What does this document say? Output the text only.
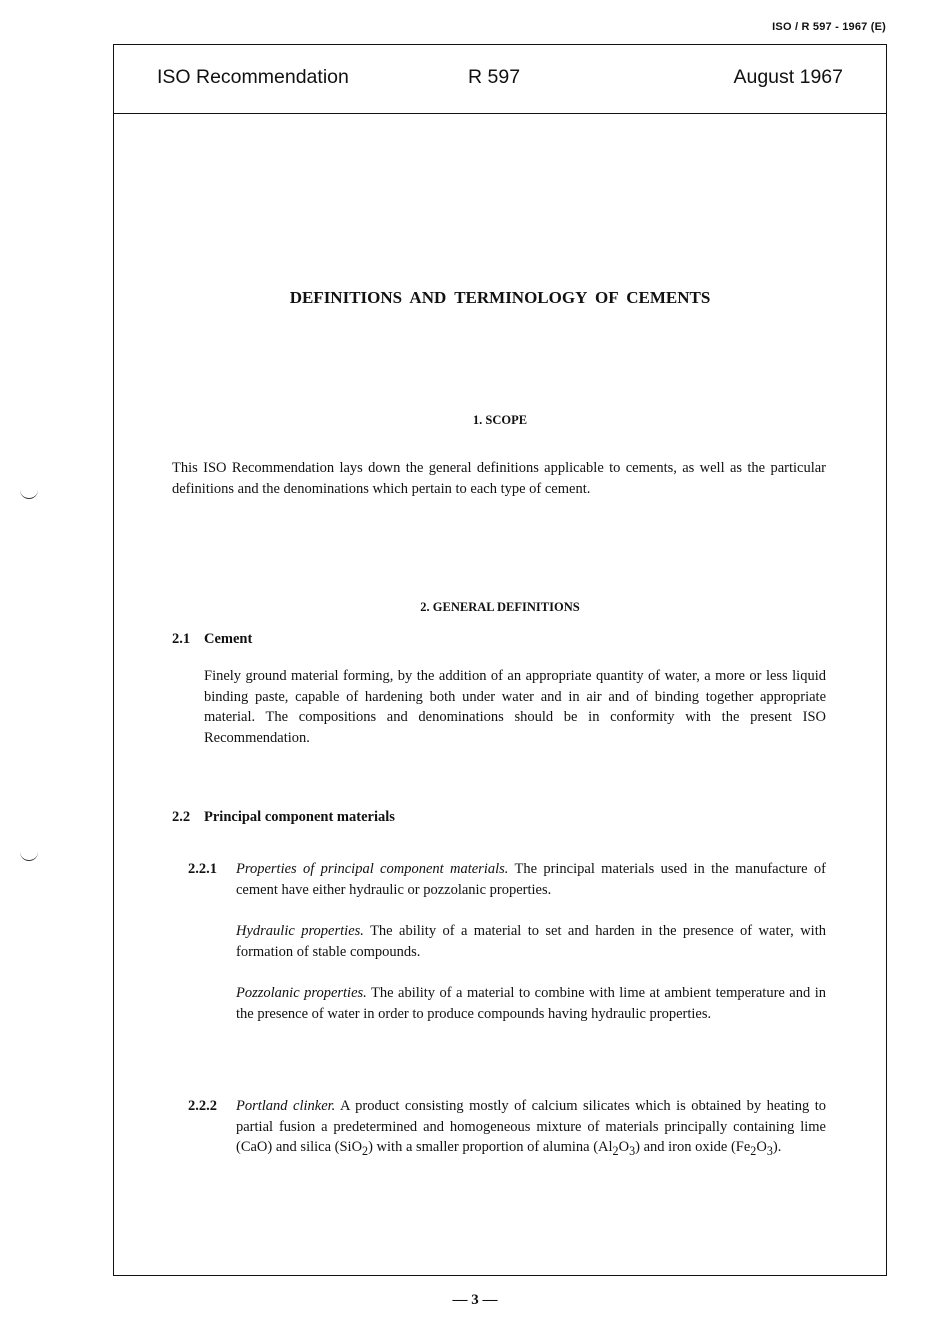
ISO / R 597 - 1967 (E)
ISO Recommendation	R 597	August 1967
DEFINITIONS AND TERMINOLOGY OF CEMENTS
1. SCOPE
This ISO Recommendation lays down the general definitions applicable to cements, as well as the particular definitions and the denominations which pertain to each type of cement.
2. GENERAL DEFINITIONS
2.1 Cement
Finely ground material forming, by the addition of an appropriate quantity of water, a more or less liquid binding paste, capable of hardening both under water and in air and of binding together appropriate material. The compositions and denominations should be in conformity with the present ISO Recommendation.
2.2 Principal component materials
2.2.1 Properties of principal component materials. The principal materials used in the manufacture of cement have either hydraulic or pozzolanic properties.
Hydraulic properties. The ability of a material to set and harden in the presence of water, with formation of stable compounds.
Pozzolanic properties. The ability of a material to combine with lime at ambient temperature and in the presence of water in order to produce compounds having hydraulic properties.
2.2.2 Portland clinker. A product consisting mostly of calcium silicates which is obtained by heating to partial fusion a predetermined and homogeneous mixture of materials principally containing lime (CaO) and silica (SiO$_2$) with a smaller proportion of alumina $(Al_2O_3)$ and iron oxide $(Fe_2O_3)$.
— 3 —
